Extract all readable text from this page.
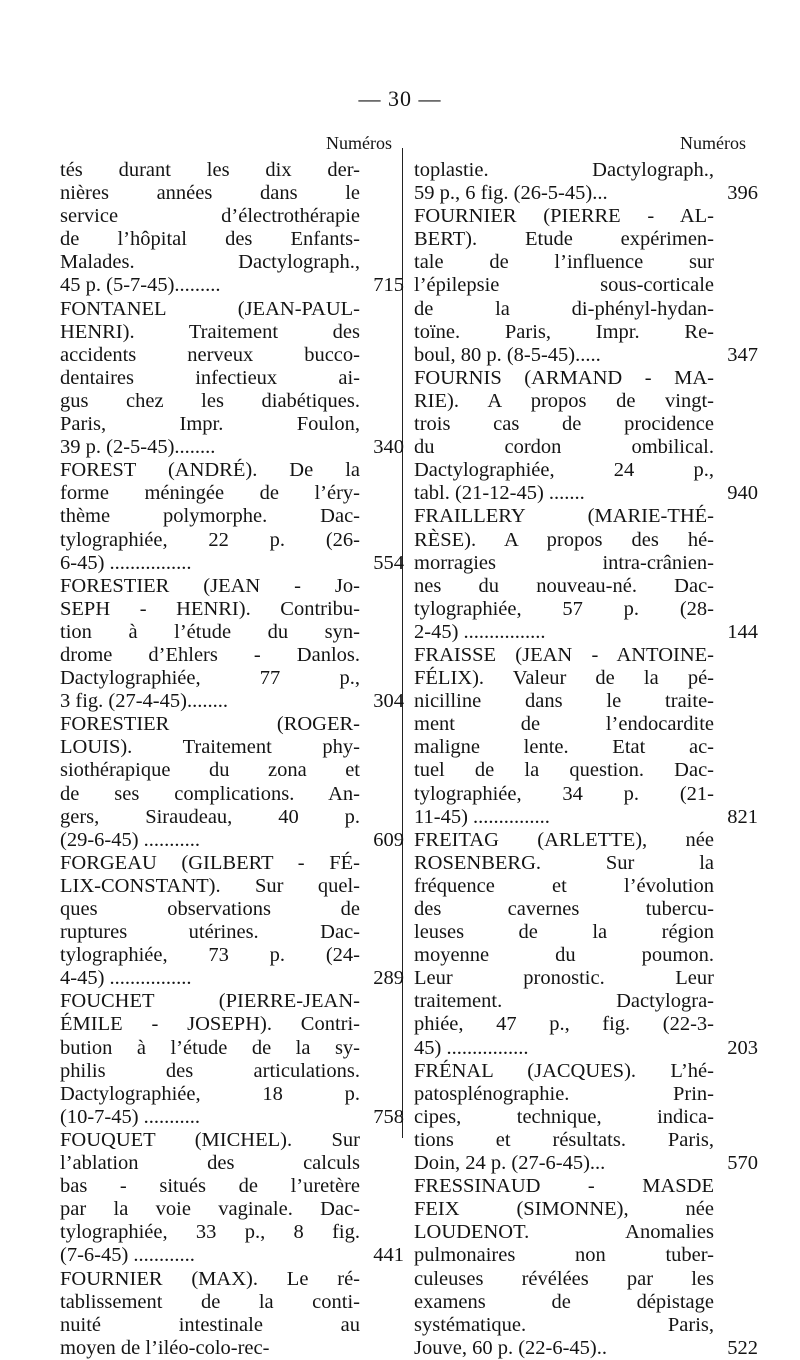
— 30 —
Numéros
tés durant les dix der-
nières années dans le
service d’électrothérapie
de l’hôpital des Enfants-
Malades. Dactylograph.,
45 p. (5-7-45).........	715
FONTANEL (JEAN-PAUL-
HENRI). Traitement des
accidents nerveux bucco-
dentaires infectieux ai-
gus chez les diabétiques.
Paris, Impr. Foulon,
39 p. (2-5-45)........	340
FOREST (ANDRÉ). De la
forme méningée de l’éry-
thème polymorphe. Dac-
tylographiée, 22 p. (26-
6-45) ................	554
FORESTIER (JEAN - Jo-
SEPH - HENRI). Contribu-
tion à l’étude du syn-
drome d’Ehlers - Danlos.
Dactylographiée, 77 p.,
3 fig. (27-4-45)........	304
FORESTIER (ROGER-
LOUIS). Traitement phy-
siothérapique du zona et
de ses complications. An-
gers, Siraudeau, 40 p.
(29-6-45) ...........	609
FORGEAU (GILBERT - FÉ-
LIX-CONSTANT). Sur quel-
ques observations de
ruptures utérines. Dac-
tylographiée, 73 p. (24-
4-45) ................	289
FOUCHET (PIERRE-JEAN-
ÉMILE - JOSEPH). Contri-
bution à l’étude de la sy-
philis des articulations.
Dactylographiée, 18 p.
(10-7-45) ...........	758
FOUQUET (MICHEL). Sur
l’ablation des calculs
bas - situés de l’uretère
par la voie vaginale. Dac-
tylographiée, 33 p., 8 fig.
(7-6-45) ............	441
FOURNIER (MAX). Le ré-
tablissement de la conti-
nuité intestinale au
moyen de l’iléo-colo-rec-
Numéros
toplastie. Dactylograph.,
59 p., 6 fig. (26-5-45)...	396
FOURNIER (PIERRE - AL-
BERT). Etude expérimen-
tale de l’influence sur
l’épilepsie sous-corticale
de la di-phényl-hydan-
toïne. Paris, Impr. Re-
boul, 80 p. (8-5-45).....	347
FOURNIS (ARMAND - MA-
RIE). A propos de vingt-
trois cas de procidence
du cordon ombilical.
Dactylographiée, 24 p.,
tabl. (21-12-45) .......	940
FRAILLERY (MARIE-THÉ-
RÈSE). A propos des hé-
morragies intra-crânien-
nes du nouveau-né. Dac-
tylographiée, 57 p. (28-
2-45) ................	144
FRAISSE (JEAN - ANTOINE-
FÉLIX). Valeur de la pé-
nicilline dans le traite-
ment de l’endocardite
maligne lente. Etat ac-
tuel de la question. Dac-
tylographiée, 34 p. (21-
11-45) ...............	821
FREITAG (ARLETTE), née
ROSENBERG. Sur la
fréquence et l’évolution
des cavernes tubercu-
leuses de la région
moyenne du poumon.
Leur pronostic. Leur
traitement. Dactylogra-
phiée, 47 p., fig. (22-3-
45) ................	203
FRÉNAL (JACQUES). L’hé-
patosplénographie. Prin-
cipes, technique, indica-
tions et résultats. Paris,
Doin, 24 p. (27-6-45)...	570
FRESSINAUD - MASDE
FEIX (SIMONNE), née
LOUDENOT. Anomalies
pulmonaires non tuber-
culeuses révélées par les
examens de dépistage
systématique. Paris,
Jouve, 60 p. (22-6-45)..	522
